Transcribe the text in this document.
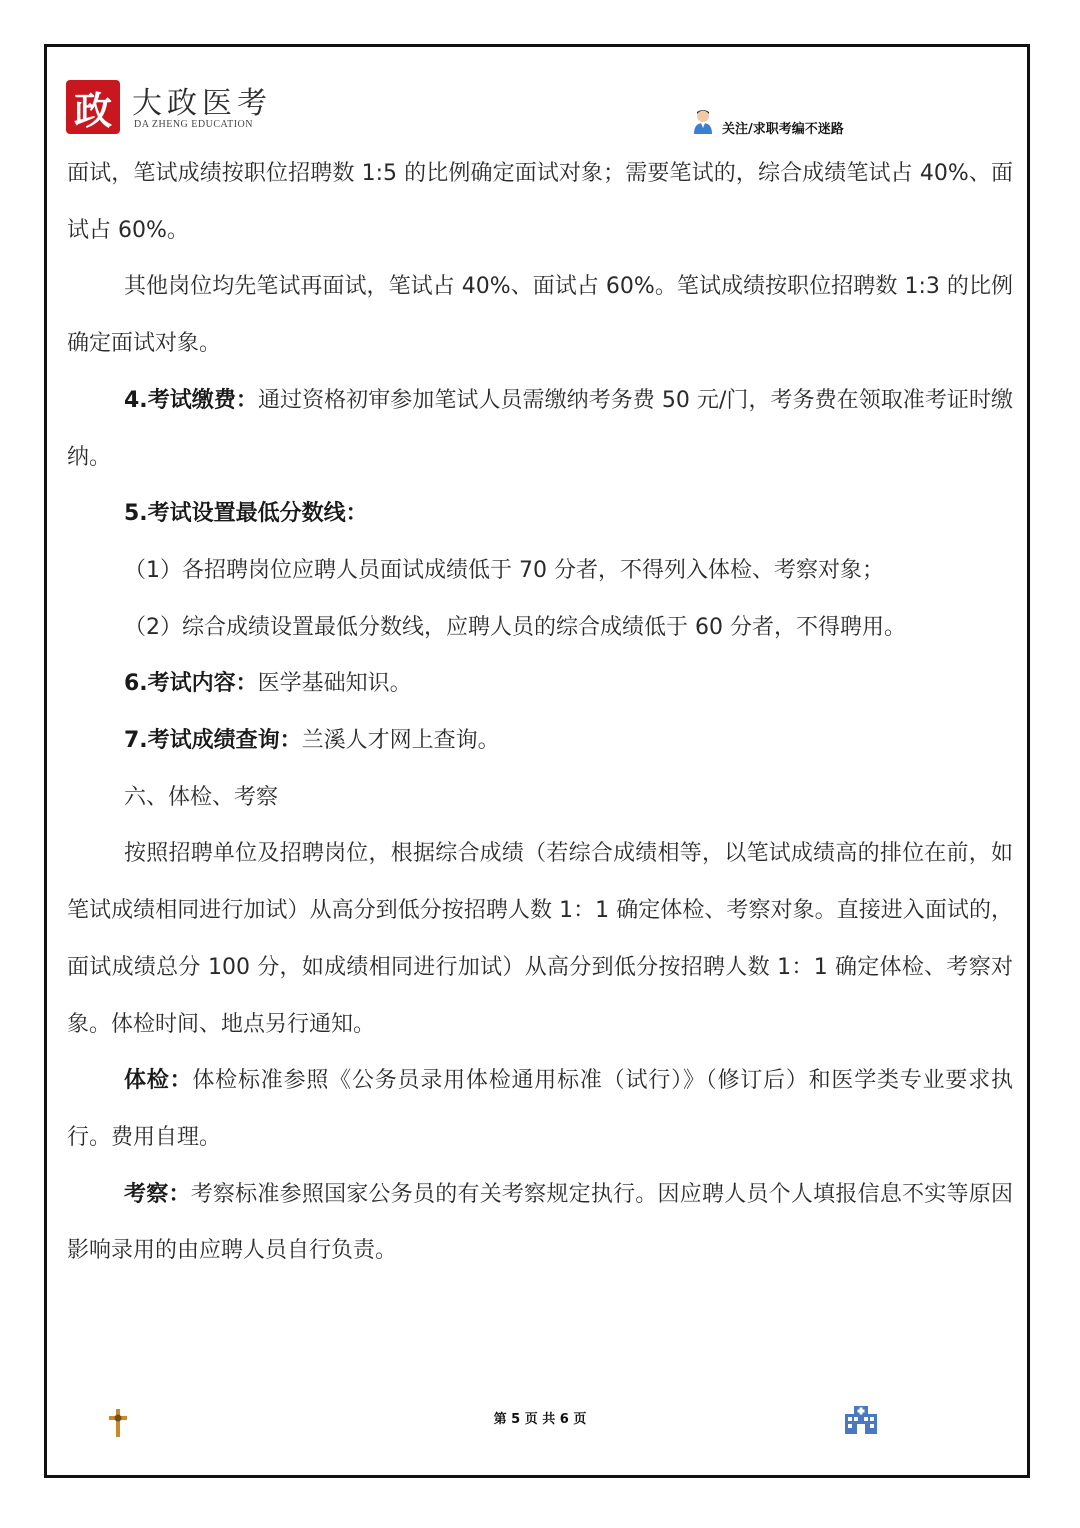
政 大政医考
DA ZHENG EDUCATION	关注/求职考编不迷路

面试，笔试成绩按职位招聘数 1:5 的比例确定面试对象；需要笔试的，综合成绩笔试占 40%、面试占 60%。

其他岗位均先笔试再面试，笔试占 40%、面试占 60%。笔试成绩按职位招聘数 1:3 的比例确定面试对象。

4.考试缴费：通过资格初审参加笔试人员需缴纳考务费 50 元/门，考务费在领取准考证时缴纳。

5.考试设置最低分数线：

（1）各招聘岗位应聘人员面试成绩低于 70 分者，不得列入体检、考察对象；

（2）综合成绩设置最低分数线，应聘人员的综合成绩低于 60 分者，不得聘用。

6.考试内容：医学基础知识。

7.考试成绩查询：兰溪人才网上查询。

六、体检、考察

按照招聘单位及招聘岗位，根据综合成绩（若综合成绩相等，以笔试成绩高的排位在前，如笔试成绩相同进行加试）从高分到低分按招聘人数 1：1 确定体检、考察对象。直接进入面试的，面试成绩总分 100 分，如成绩相同进行加试）从高分到低分按招聘人数 1：1 确定体检、考察对象。体检时间、地点另行通知。

体检：体检标准参照《公务员录用体检通用标准（试行）》（修订后）和医学类专业要求执行。费用自理。

考察：考察标准参照国家公务员的有关考察规定执行。因应聘人员个人填报信息不实等原因影响录用的由应聘人员自行负责。

第 5 页 共 6 页
